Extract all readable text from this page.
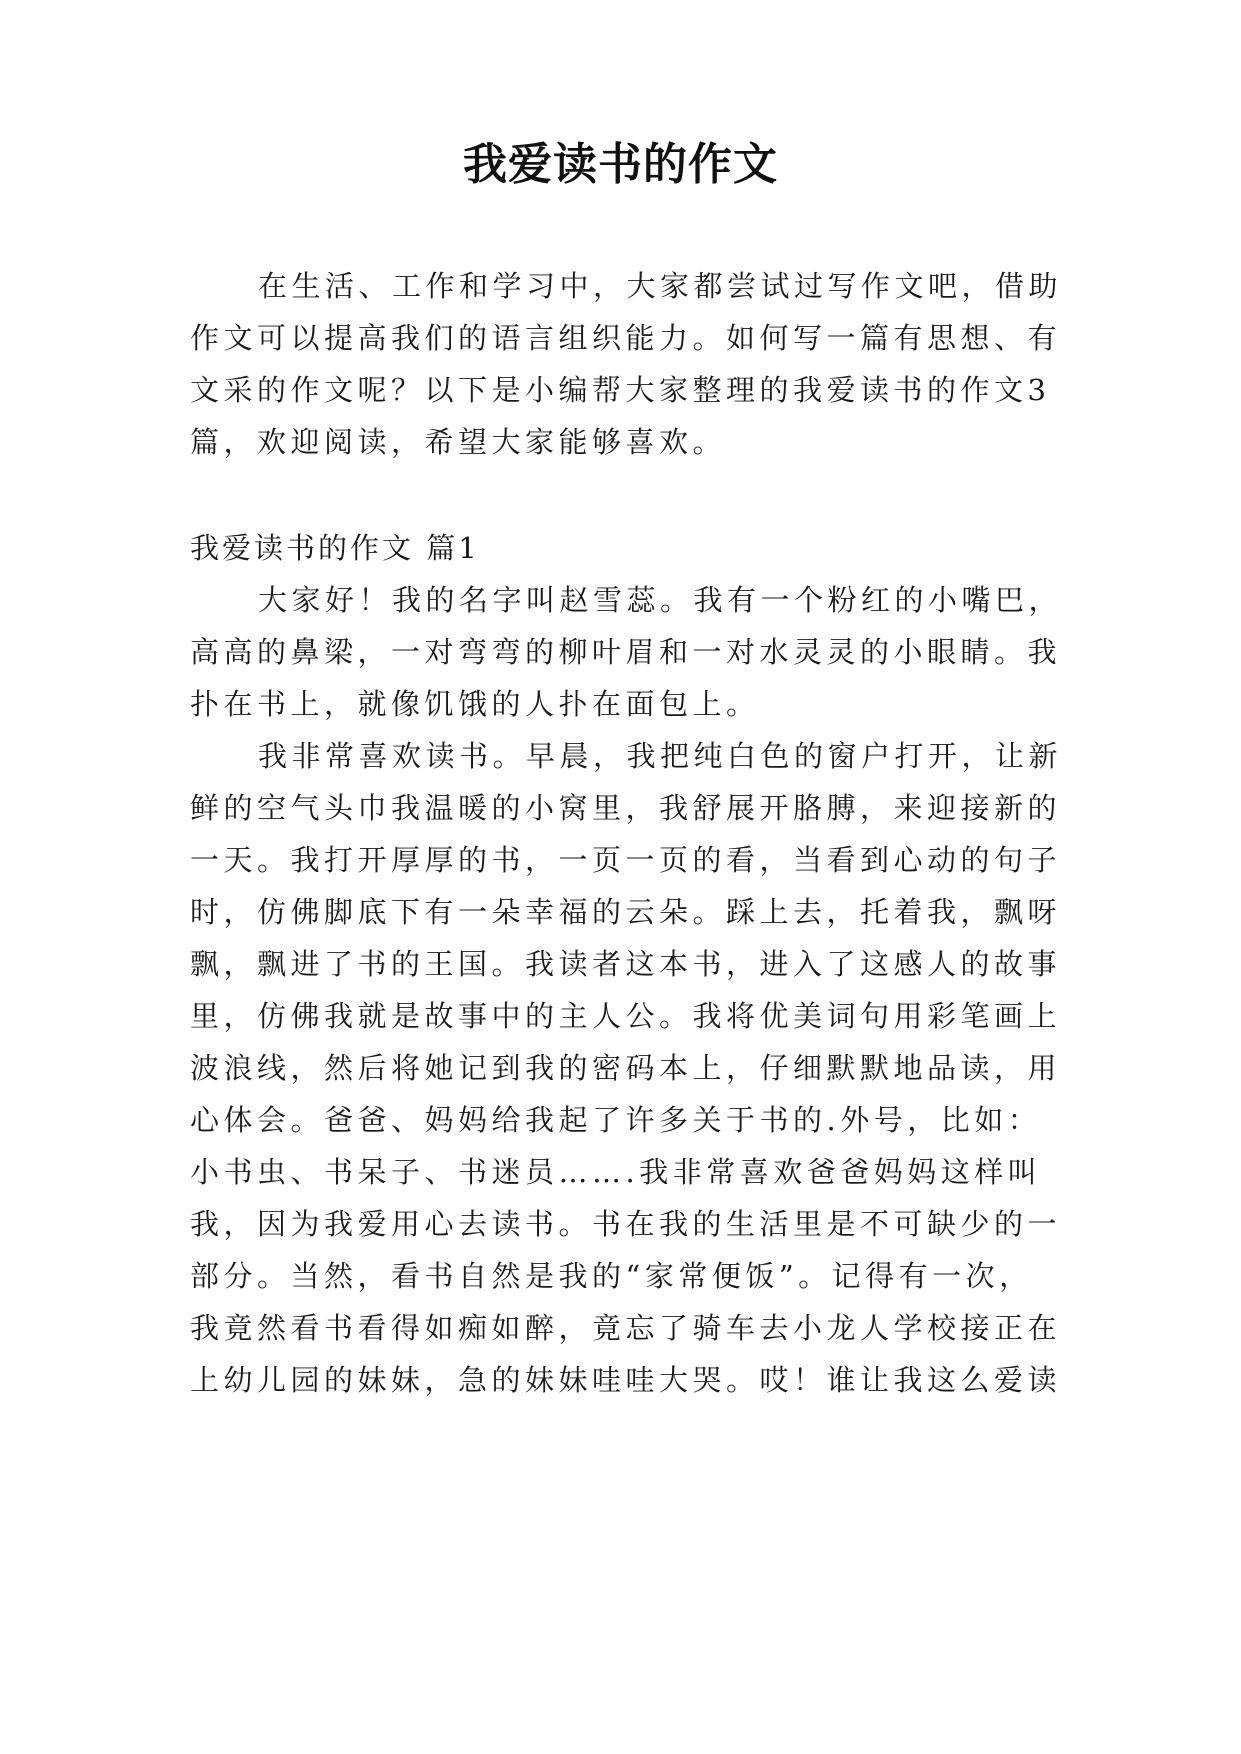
我爱读书的作文
在生活、工作和学习中，大家都尝试过写作文吧，借助
作文可以提高我们的语言组织能力。如何写一篇有思想、有
文采的作文呢？以下是小编帮大家整理的我爱读书的作文3
篇，欢迎阅读，希望大家能够喜欢。
我爱读书的作文 篇1
大家好！我的名字叫赵雪蕊。我有一个粉红的小嘴巴，
高高的鼻梁，一对弯弯的柳叶眉和一对水灵灵的小眼睛。我
扑在书上，就像饥饿的人扑在面包上。
我非常喜欢读书。早晨，我把纯白色的窗户打开，让新
鲜的空气头巾我温暖的小窝里，我舒展开胳膊，来迎接新的
一天。我打开厚厚的书，一页一页的看，当看到心动的句子
时，仿佛脚底下有一朵幸福的云朵。踩上去，托着我，飘呀
飘，飘进了书的王国。我读者这本书，进入了这感人的故事
里，仿佛我就是故事中的主人公。我将优美词句用彩笔画上
波浪线，然后将她记到我的密码本上，仔细默默地品读，用
心体会。爸爸、妈妈给我起了许多关于书的.外号，比如：
小书虫、书呆子、书迷员…….我非常喜欢爸爸妈妈这样叫
我，因为我爱用心去读书。书在我的生活里是不可缺少的一
部分。当然，看书自然是我的“家常便饭”。记得有一次，
我竟然看书看得如痴如醉，竟忘了骑车去小龙人学校接正在
上幼儿园的妹妹，急的妹妹哇哇大哭。哎！谁让我这么爱读
